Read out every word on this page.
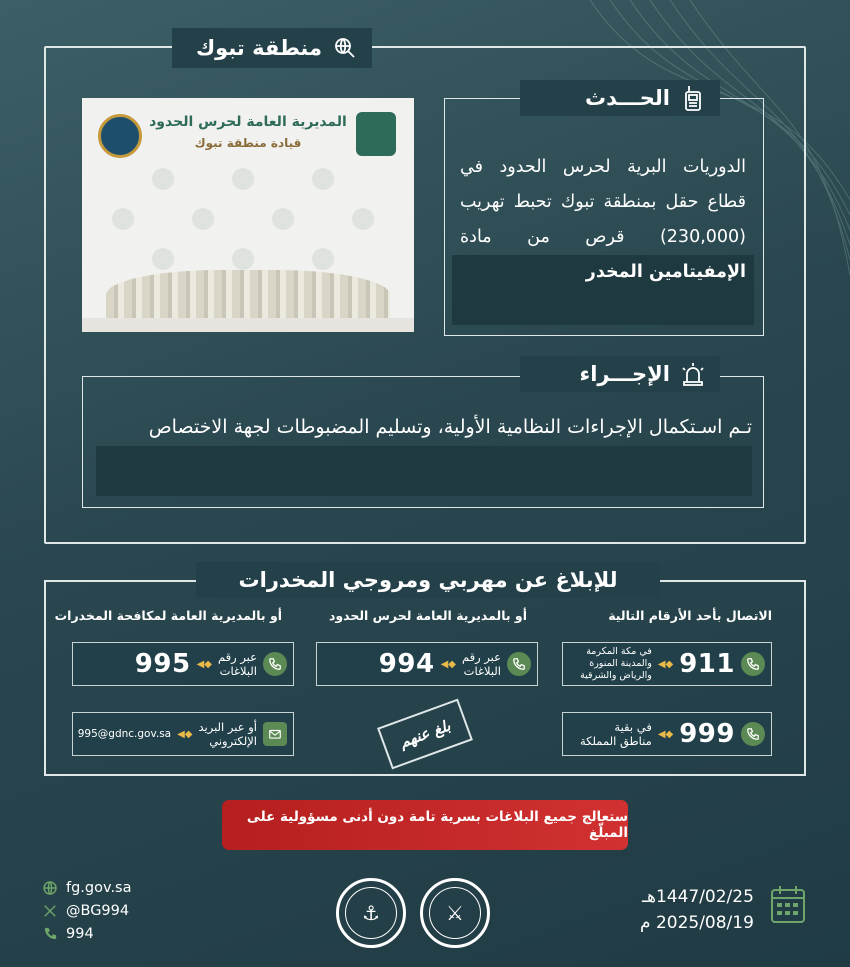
منطقة تبوك
المديرية العامة لحرس الحدود
قيادة منطقة تبوك
الحـــدث
الدوريات البرية لحرس الحدود في قطاع حقل بمنطقة تبوك تحبط تهريب (230,000) قرص من مادة الإمفيتامين المخدر
الإجـــراء
تـم اسـتكمال الإجراءات النظامية الأولية، وتسليم المضبوطات لجهة الاختصاص
للإبلاغ عن مهربي ومروجي المخدرات
الاتصال بأحد الأرقام التالية
أو بالمديرية العامة لحرس الحدود
أو بالمديرية العامة لمكافحة المخدرات
911
◆◀
في مكة المكرمة
والمدينة المنورة
والرياض والشرقية
999
◆◀
في بقية
مناطق المملكة
عبر رقم
البلاغات
◆◀
994
عبر رقم
البلاغات
◆◀
995
أو عبر البريد
الإلكتروني
◆◀
995@gdnc.gov.sa	بلغ عنهم
ستعالج جميع البلاغات بسرية تامة دون أدنى مسؤولية على المبلّغ
fg.gov.sa
@BG994
994
⚓	⚔
1447/02/25هـ
2025/08/19 م
